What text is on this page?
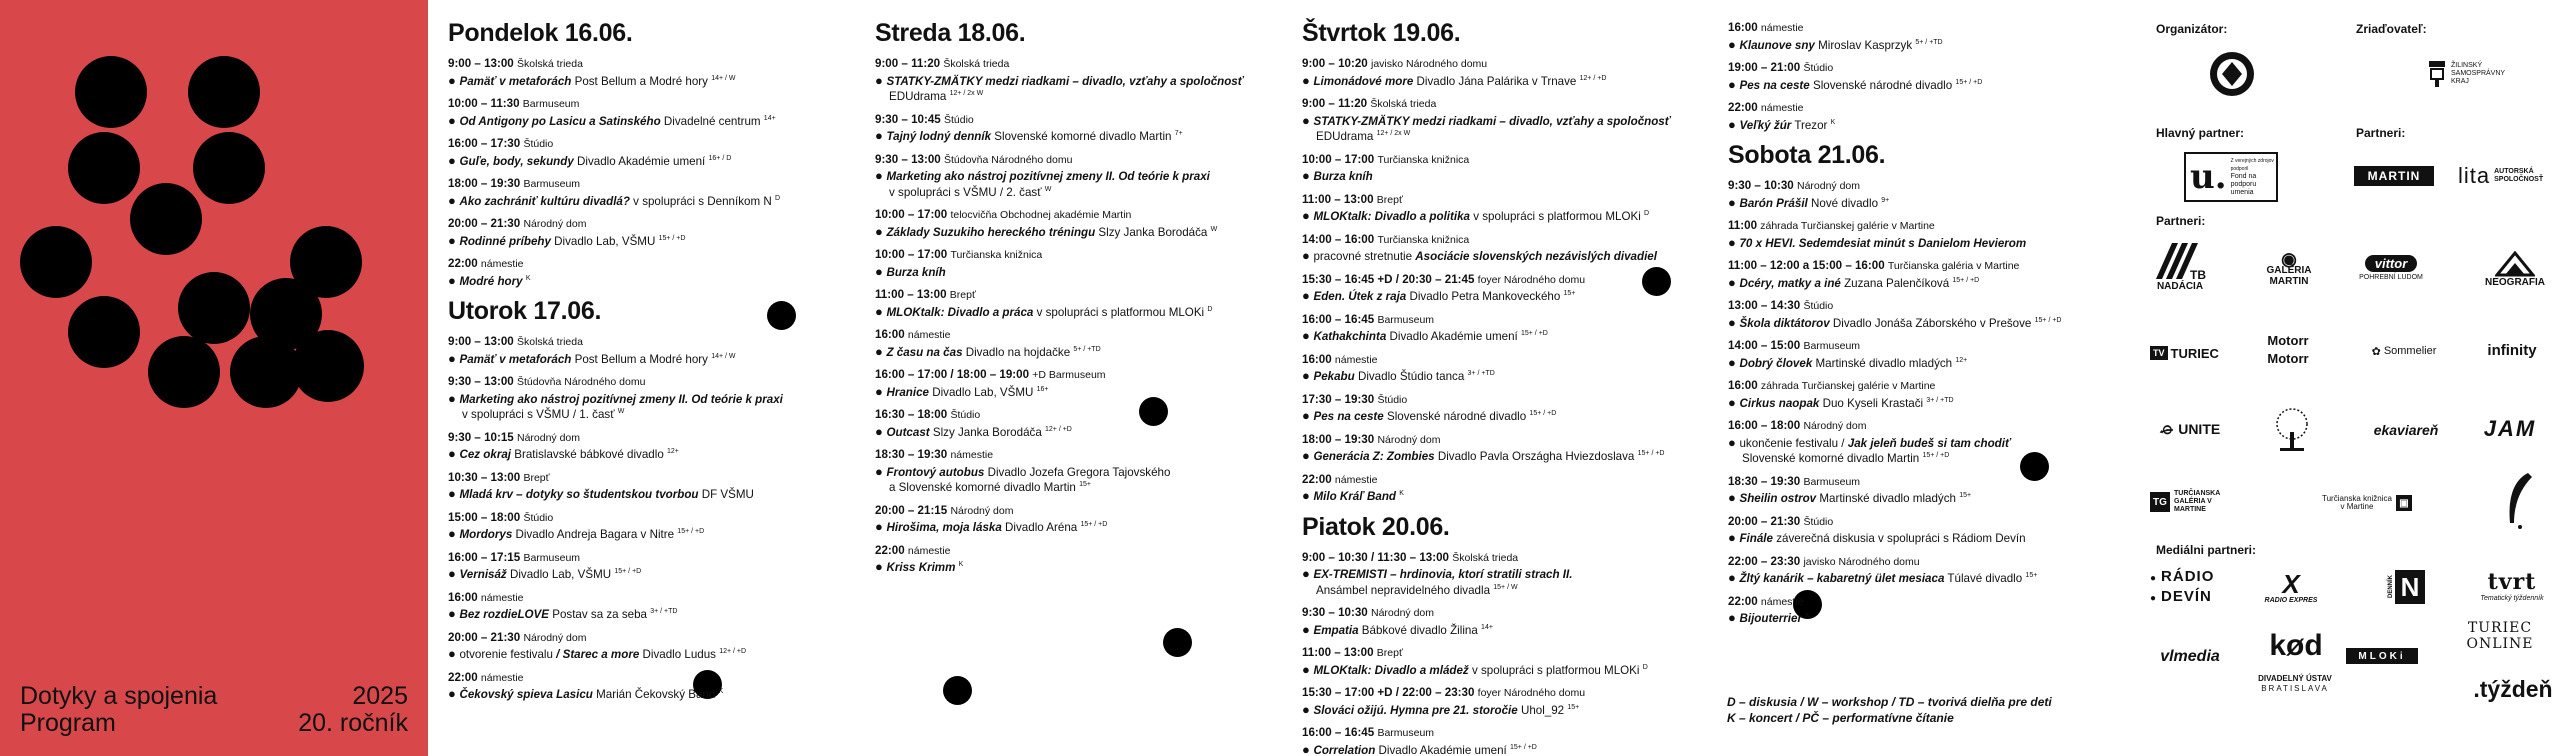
Dotyky a spojenia
Program
2025
20. ročník
Pondelok 16.06.
9:00 – 13:00 Školská trieda
● Pamäť v metaforách Post Bellum a Modré hory $^{14+ / W}$
10:00 – 11:30 Barmuseum
● Od Antigony po Lasicu a Satinského Divadelné centrum $^{14+}$
16:00 – 17:30 Štúdio
● Guľe, body, sekundy Divadlo Akadémie umení $^{16+ / D}$
18:00 – 19:30 Barmuseum
● Ako zachrániť kultúru divadlá? v spolupráci s Denníkom N $^D$
20:00 – 21:30 Národný dom
● Rodinné príbehy Divadlo Lab, VŠMU $^{15+ / +D}$
22:00 námestie
● Modré hory $^K$
Utorok 17.06.
9:00 – 13:00 Školská trieda
● Pamäť v metaforách Post Bellum a Modré hory $^{14+ / W}$
9:30 – 13:00 Štúdovňa Národného domu
● Marketing ako nástroj pozitívnej zmeny II. Od teórie k praxi
v spolupráci s VŠMU / 1. časť $^W$
9:30 – 10:15 Národný dom
● Cez okraj Bratislavské bábkové divadlo $^{12+}$
10:30 – 13:00 Brepť
● Mladá krv – dotyky so študentskou tvorbou DF VŠMU
15:00 – 18:00 Štúdio
● Mordorys Divadlo Andreja Bagara v Nitre $^{15+ / +D}$
16:00 – 17:15 Barmuseum
● Vernisáž Divadlo Lab, VŠMU $^{15+ / +D}$
16:00 námestie
● Bez rozdieLOVE Postav sa za seba $^{3+ / +TD}$
20:00 – 21:30 Národný dom
● otvorenie festivalu / Starec a more Divadlo Ludus $^{12+ / +D}$
22:00 námestie
● Čekovský spieva Lasicu Marián Čekovský Band $^K$
Streda 18.06.
9:00 – 11:20 Školská trieda
● STATKY-ZMÄTKY medzi riadkami – divadlo, vzťahy a spoločnosť
EDUdrama $^{12+ / 2x W}$
9:30 – 10:45 Štúdio
● Tajný lodný denník Slovenské komorné divadlo Martin $^{7+}$
9:30 – 13:00 Štúdovňa Národného domu
● Marketing ako nástroj pozitívnej zmeny II. Od teórie k praxi
v spolupráci s VŠMU / 2. časť $^W$
10:00 – 17:00 telocvičňa Obchodnej akadémie Martin
● Základy Suzukiho hereckého tréningu Slzy Janka Borodáča $^W$
10:00 – 17:00 Turčianska knižnica
● Burza kníh
11:00 – 13:00 Brepť
● MLOKtalk: Divadlo a práca v spolupráci s platformou MLOKi $^D$
16:00 námestie
● Z času na čas Divadlo na hojdačke $^{5+ / +TD}$
16:00 – 17:00 / 18:00 – 19:00 +D Barmuseum
● Hranice Divadlo Lab, VŠMU $^{16+}$
16:30 – 18:00 Štúdio
● Outcast Slzy Janka Borodáča $^{12+ / +D}$
18:30 – 19:30 námestie
● Frontový autobus Divadlo Jozefa Gregora Tajovského
a Slovenské komorné divadlo Martin $^{15+}$
20:00 – 21:15 Národný dom
● Hirošima, moja láska Divadlo Aréna $^{15+ / +D}$
22:00 námestie
● Kriss Krimm $^K$
Štvrtok 19.06.
9:00 – 10:20 javisko Národného domu
● Limonádové more Divadlo Jána Palárika v Trnave $^{12+ / +D}$
9:00 – 11:20 Školská trieda
● STATKY-ZMÄTKY medzi riadkami – divadlo, vzťahy a spoločnosť
EDUdrama $^{12+ / 2x W}$
10:00 – 17:00 Turčianska knižnica
● Burza kníh
11:00 – 13:00 Brepť
● MLOKtalk: Divadlo a politika v spolupráci s platformou MLOKi $^D$
14:00 – 16:00 Turčianska knižnica
● pracovné stretnutie Asociácie slovenských nezávislých divadiel
15:30 – 16:45 +D / 20:30 – 21:45 foyer Národného domu
● Eden. Útek z raja Divadlo Petra Mankoveckého $^{15+}$
16:00 – 16:45 Barmuseum
● Kathakchinta Divadlo Akadémie umení $^{15+ / +D}$
16:00 námestie
● Pekabu Divadlo Štúdio tanca $^{3+ / +TD}$
17:30 – 19:30 Štúdio
● Pes na ceste Slovenské národné divadlo $^{15+ / +D}$
18:00 – 19:30 Národný dom
● Generácia Z: Zombies Divadlo Pavla Országha Hviezdoslava $^{15+ / +D}$
22:00 námestie
● Milo Kráľ Band $^K$
Piatok 20.06.
9:00 – 10:30 / 11:30 – 13:00 Školská trieda
● EX-TREMISTI – hrdinovia, ktorí stratili strach II.
Ansámbel nepravidelného divadla $^{15+ / W}$
9:30 – 10:30 Národný dom
● Empatia Bábkové divadlo Žilina $^{14+}$
11:00 – 13:00 Brepť
● MLOKtalk: Divadlo a mládež v spolupráci s platformou MLOKi $^D$
15:30 – 17:00 +D / 22:00 – 23:30 foyer Národného domu
● Slováci ožijú. Hymna pre 21. storočie Uhol_92 $^{15+}$
16:00 – 16:45 Barmuseum
● Correlation Divadlo Akadémie umení $^{15+ / +D}$
16:00 námestie
● Klaunove sny Miroslav Kasprzyk $^{5+ / +TD}$
19:00 – 21:00 Štúdio
● Pes na ceste Slovenské národné divadlo $^{15+ / +D}$
22:00 námestie
● Veľký žúr Trezor $^K$
Sobota 21.06.
9:30 – 10:30 Národný dom
● Barón Prášil Nové divadlo $^{9+}$
11:00 záhrada Turčianskej galérie v Martine
● 70 x HEVI. Sedemdesiat minút s Danielom Hevierom
11:00 – 12:00 a 15:00 – 16:00 Turčianska galéria v Martine
● Dcéry, matky a iné Zuzana Palenčíková $^{15+ / +D}$
13:00 – 14:30 Štúdio
● Škola diktátorov Divadlo Jonáša Záborského v Prešove $^{15+ / +D}$
14:00 – 15:00 Barmuseum
● Dobrý človek Martinské divadlo mladých $^{12+}$
16:00 záhrada Turčianskej galérie v Martine
● Cirkus naopak Duo Kyseli Krastači $^{3+ / +TD}$
16:00 – 18:00 Národný dom
● ukončenie festivalu / Jak jeleň budeš si tam chodiť
Slovenské komorné divadlo Martin $^{15+ / +D}$
18:30 – 19:30 Barmuseum
● Sheilin ostrov Martinské divadlo mladých $^{15+}$
20:00 – 21:30 Štúdio
● Finále záverečná diskusia v spolupráci s Rádiom Devín
22:00 – 23:30 javisko Národného domu
● Žltý kanárik – kabaretný ület mesiaca Túlavé divadlo $^{15+}$
22:00 námestie
● Bijouterrier $^K$
D – diskusia / W – workshop / TD – tvorivá dielňa pre deti
K – koncert / PČ – performatívne čítanie
Organizátor:	Zriaďovateľ:
ŽILINSKÝ SAMOSPRÁVNY KRAJ
Hlavný partner:	Partneri:
u. Z verejných zdrojov podporil
Fond na podporu umenia
MARTIN	lita AUTORSKÁ SPOLOČNOSŤ
Partneri:
TB
NADÁCIA
◉
GALÉRIA MARTIN
vittor
POHREBNÍ LUDOM	NEOGRAFIA
TV TURIEC
Motorr
Motorr	✿ Sommelier	infinity
⌮ UNITE	ekaviareň	JAM
TG
TURČIANSKA GALÉRIA V MARTINE
Turčianska knižnica v Martine	▣
Mediálni partneri:
● RÁDIO
● DEVÍN	X
RADIO EXPRES
DENNÍK N	tvrt
Tematický týždenník
vlmedia	kød
DIVADELNÝ ÚSTAV
BRATISLAVA
TURIEC ONLINE
MLOKi
.týždeň
